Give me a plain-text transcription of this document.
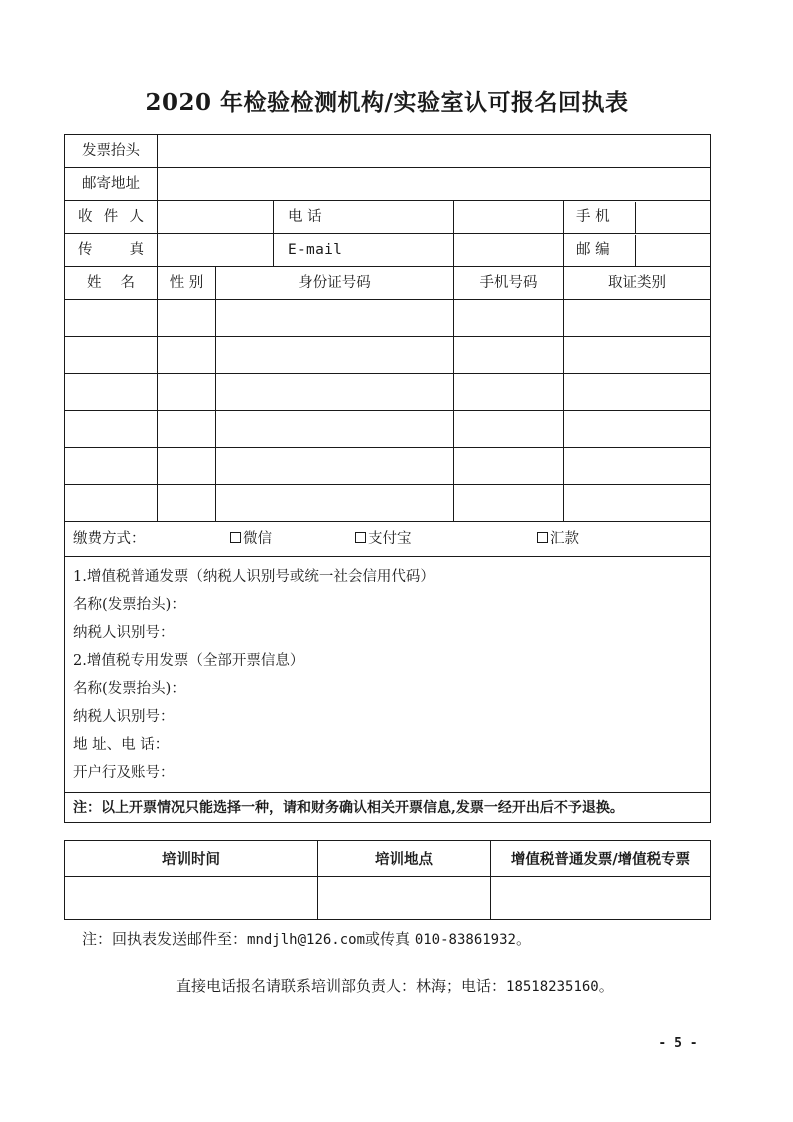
2020 年检验检测机构/实验室认可报名回执表
发票抬头	
邮寄地址	

收件人		电 话			手 机	

传 真		E-mail			邮 编	

姓 名	性 别	身份证号码	手机号码	取证类别

缴费方式：	微信	支付宝	汇款

1.增值税普通发票（纳税人识别号或统一社会信用代码）
名称(发票抬头)：
纳税人识别号：
2.增值税专用发票（全部开票信息）
名称(发票抬头)：
纳税人识别号：
地 址、电 话：
开户行及账号：

注：以上开票情况只能选择一种，请和财务确认相关开票信息,发票一经开出后不予退换。
培训时间	培训地点	增值税普通发票/增值税专票

注：回执表发送邮件至：mndjlh@126.com或传真 010-83861932。
直接电话报名请联系培训部负责人：林海；电话：18518235160。
- 5 -
